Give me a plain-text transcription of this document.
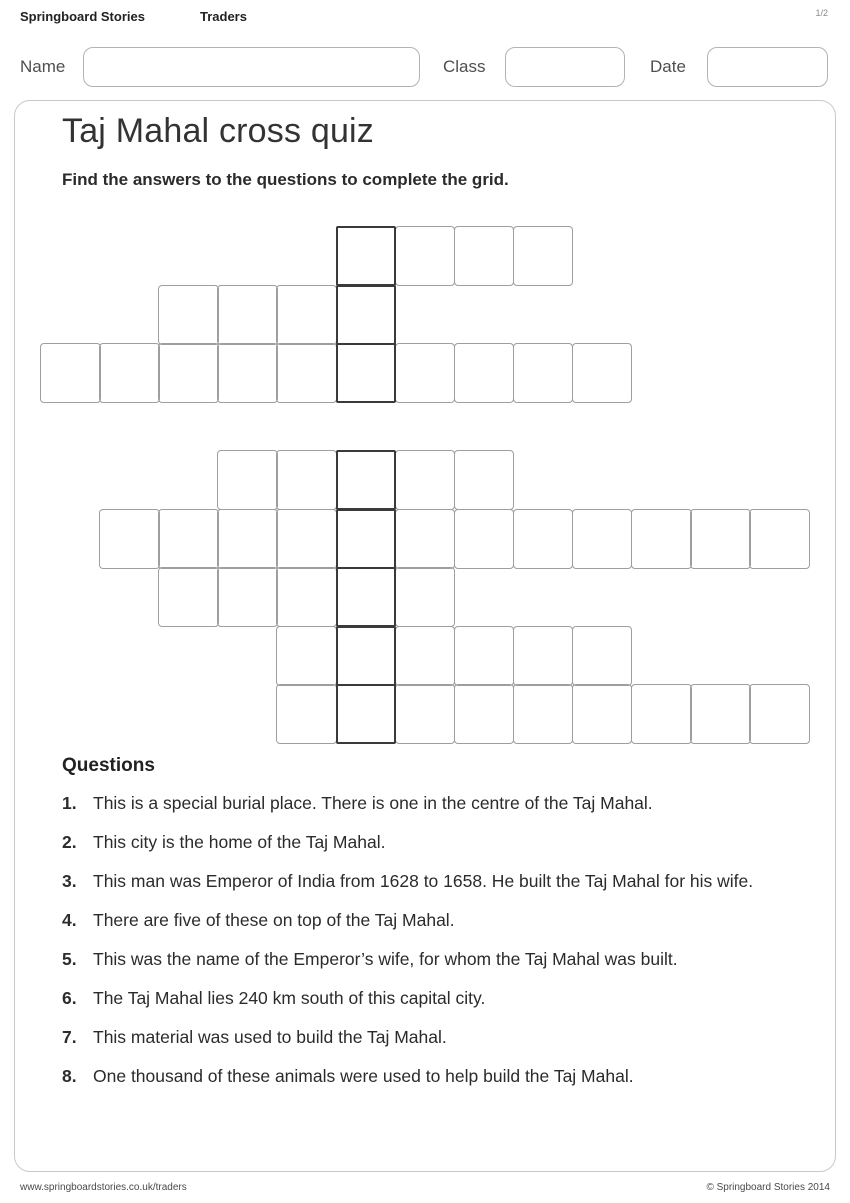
Springboard Stories	Traders	1/2
Name	Class	Date
Taj Mahal cross quiz
Find the answers to the questions to complete the grid.
Questions
1. This is a special burial place. There is one in the centre of the Taj Mahal.
2. This city is the home of the Taj Mahal.
3. This man was Emperor of India from 1628 to 1658. He built the Taj Mahal for his wife.
4. There are five of these on top of the Taj Mahal.
5. This was the name of the Emperor’s wife, for whom the Taj Mahal was built.
6. The Taj Mahal lies 240 km south of this capital city.
7. This material was used to build the Taj Mahal.
8. One thousand of these animals were used to help build the Taj Mahal.
www.springboardstories.co.uk/traders	© Springboard Stories 2014
